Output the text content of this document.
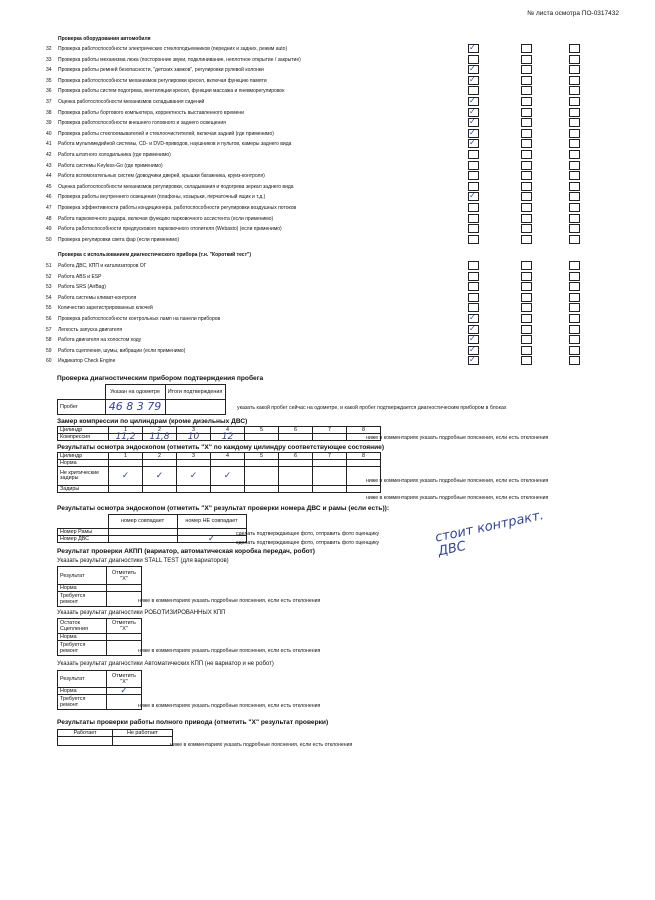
№ листа осмотра ПО-0317432
Проверка оборудования автомобиля
32 Проверка работоспособности электрических стеклоподъемников (передних и задних, режим auto)	✓
33 Проверка работы механизма люка (посторонние звуки, подклинивание, неплотное открытие / закрытие)
34 Проверка работы ремней безопасности, "детских замков", регулировки рулевой колонки	✓
35 Проверка работоспособности механизмов регулировки кресел, включая функцию памяти	✓
36 Проверка работы систем подогрева, вентиляции кресел, функции массажа и пневморегулировок
37 Оценка работоспособности механизмов складывания сидений	✓
38 Проверка работы бортового компьютера, корректность выставленного времени	✓
39 Проверка работоспособности внешнего головного и заднего освещения	✓
40 Проверка работы стеклоомывателей и стеклоочистителей, включая задний (где применимо)	✓
41 Работа мультимедийной системы, CD- и DVD-приводов, наушников и пультов, камеры заднего вида	✓
42 Работа штатного холодильника (где применимо)
43 Работа системы Keyless-Go (где применимо)
44 Работа вспомогательных систем (доводчики дверей, крышки багажника, круиз-контроля)
45 Оценка работоспособности механизмов регулировки, складывания и подогрева зеркал заднего вида
46 Проверка работы внутреннего освещения (плафоны, козырьки, перчаточный ящик и т.д.)	✓
47 Проверка эффективности работы кондиционера, работоспособности регулировки воздушных потоков
48 Работа парковочного радара, включая функцию парковочного ассистента (если применимо)
49 Работа работоспособности предпускового парковочного отопителя (Webasto) (если применимо)
50 Проверка регулировки света фар (если применимо)
Проверка с использованием диагностического прибора (т.н. "Короткий тест")
51 Работа ДВС, КПП и катализаторов ОГ
52 Работа ABS и ESP
53 Работа SRS (AirBag)
54 Работа системы климат-контроля
55 Количество зарегистрированных ключей
56 Проверка работоспособности контрольных ламп на панели приборов	✓
57 Легкость запуска двигателя	✓
58 Работа двигателя на холостом ходу	✓
59 Работа сцепления, шумы, вибрации (если применимо)	✓
60 Индикатор Check Engine	✓
Проверка диагностическим прибором подтверждения пробега
	Указан на одометре	Итоги подтверждения
Пробег	46 8 3 79		указать какой пробег сейчас на одометре, и какой пробег подтверждается диагностическим прибором в блоках
Замер компрессии по цилиндрам (кроме дизельных ДВС)
Цилиндр	1	2	3	4	5	6	7	8
Компрессия	11,2	11,8	10	12					ниже в комментариях указать подробные пояснения, если есть отклонения
Результаты осмотра эндоскопом (отметить "X" по каждому цилиндру соответствующее состояние)
Цилиндр	1	2	3	4	5	6	7	8
Норма								
Не критические задиры	✓	✓	✓	✓				
Задиры								
ниже в комментариях указать подробные пояснения, если есть отклонения
ниже в комментариях указать подробные пояснения, если есть отклонения
Результаты осмотра эндоскопом (отметить "X" результат проверки номера ДВС и рамы (если есть)):
	номер совпадает	номер НЕ совпадает
Номер Рамы		
Номер ДВС		✓	сделать подтверждающее фото, отправить фото оценщику
сделать подтверждающее фото, отправить фото оценщику	стоит контракт. ДВС
Результат проверки АКПП (вариатор, автоматическая коробка передач, робот)
Указать результат диагностики STALL TEST (для вариаторов)
Результат	Отметить "Х"
Норма	
Требуется ремонт		ниже в комментариях указать подробные пояснения, если есть отклонения
Указать результат диагностики РОБОТИЗИРОВАННЫХ КПП
Остаток Сцепления	Отметить "Х"
Норма	
Требуется ремонт		ниже в комментариях указать подробные пояснения, если есть отклонения
Указать результат диагностики Автоматических КПП (не вариатор и не робот)
Результат	Отметить "Х"
Норма	✓
Требуется ремонт		ниже в комментариях указать подробные пояснения, если есть отклонения
Результаты проверки работы полного привода (отметить "X" результат проверки)
Работает	Не работает

ниже в комментариях указать подробные пояснения, если есть отклонения
